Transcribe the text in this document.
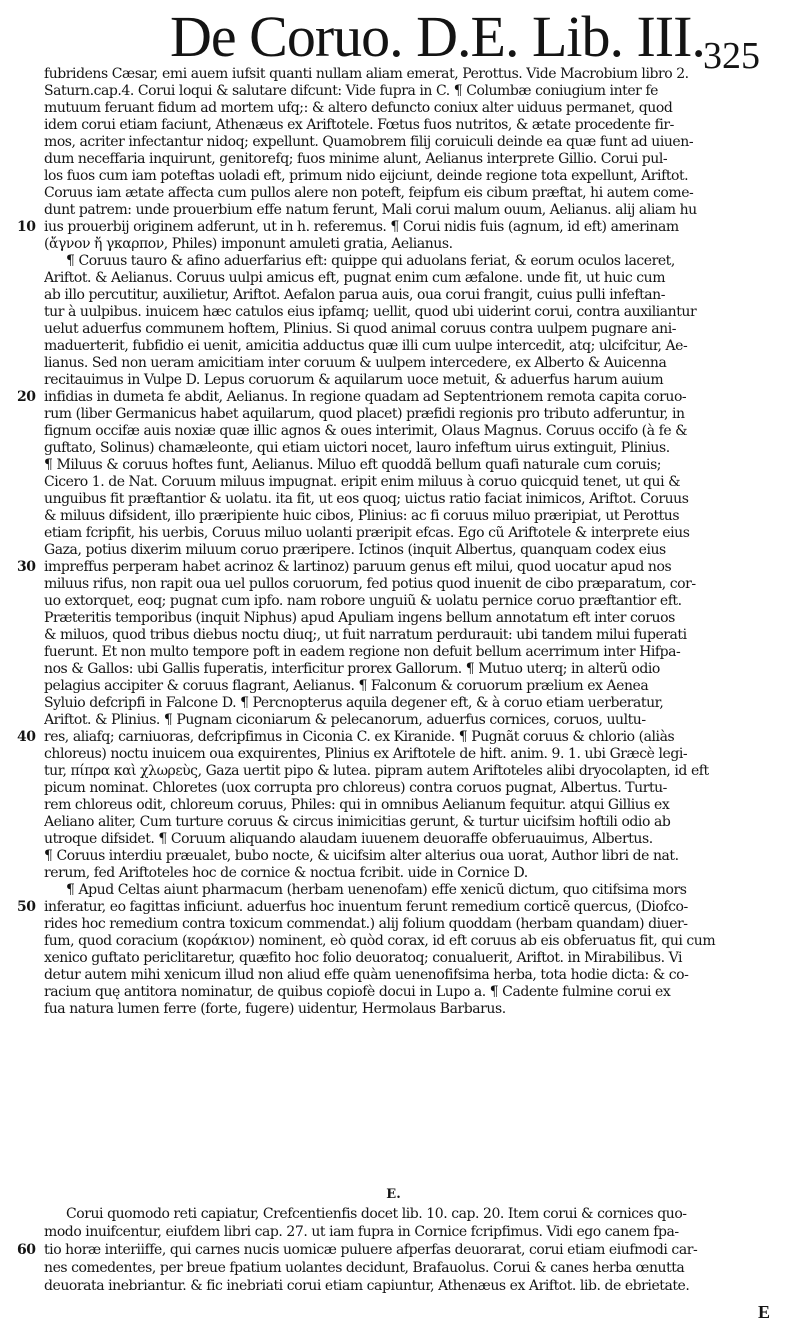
De Coruo. D.E. Lib. III.
325
fubridens Cæsar, emi auem iufsit quanti nullam aliam emerat, Perottus. Vide Macrobium libro 2.
Saturn.cap.4. Corui loqui & salutare difcunt: Vide fupra in C. ¶ Columbæ coniugium inter fe
mutuum feruant fidum ad mortem ufq;: & altero defuncto coniux alter uiduus permanet, quod
idem corui etiam faciunt, Athenæus ex Ariftotele. Fœtus fuos nutritos, & ætate procedente fir-
mos, acriter infectantur nidoq; expellunt. Quamobrem filij coruiculi deinde ea quæ funt ad uiuen-
dum neceffaria inquirunt, genitorefq; fuos minime alunt, Aelianus interprete Gillio. Corui pul-
los fuos cum iam poteftas uoladi eft, primum nido eijciunt, deinde regione tota expellunt, Ariftot.
Coruus iam ætate affecta cum pullos alere non poteft, feipfum eis cibum præftat, hi autem come-
dunt patrem: unde prouerbium effe natum ferunt, Mali corui malum ouum, Aelianus. alij aliam hu
10 ius prouerbij originem adferunt, ut in h. referemus. ¶ Corui nidis fuis (agnum, id eft) amerinam
(ἄγνον ἤ γκαρπον, Philes) imponunt amuleti gratia, Aelianus.
¶ Coruus tauro & afino aduerfarius eft: quippe qui aduolans feriat, & eorum oculos laceret,
Ariftot. & Aelianus. Coruus uulpi amicus eft, pugnat enim cum æfalone. unde fit, ut huic cum
ab illo percutitur, auxilietur, Ariftot. Aefalon parua auis, oua corui frangit, cuius pulli infeftan-
tur à uulpibus. inuicem hæc catulos eius ipfamq; uellit, quod ubi uiderint corui, contra auxiliantur
uelut aduerfus communem hoftem, Plinius. Si quod animal coruus contra uulpem pugnare ani-
maduerterit, fubfidio ei uenit, amicitia adductus quæ illi cum uulpe intercedit, atq; ulcifcitur, Ae-
lianus. Sed non ueram amicitiam inter coruum & uulpem intercedere, ex Alberto & Auicenna
recitauimus in Vulpe D. Lepus coruorum & aquilarum uoce metuit, & aduerfus harum auium
20 infidias in dumeta fe abdit, Aelianus. In regione quadam ad Septentrionem remota capita coruo-
rum (liber Germanicus habet aquilarum, quod placet) præfidi regionis pro tributo adferuntur, in
fignum occifæ auis noxiæ quæ illic agnos & oues interimit, Olaus Magnus. Coruus occifo (à fe &
guftato, Solinus) chamæleonte, qui etiam uictori nocet, lauro infeftum uirus extinguit, Plinius.
¶ Miluus & coruus hoftes funt, Aelianus. Miluo eft quoddã bellum quafi naturale cum coruis;
Cicero 1. de Nat. Coruum miluus impugnat. eripit enim miluus à coruo quicquid tenet, ut qui &
unguibus fit præftantior & uolatu. ita fit, ut eos quoq; uictus ratio faciat inimicos, Ariftot. Coruus
& miluus difsident, illo præripiente huic cibos, Plinius: ac fi coruus miluo præripiat, ut Perottus
etiam fcripfit, his uerbis, Coruus miluo uolanti præripit efcas. Ego cũ Ariftotele & interprete eius
Gaza, potius dixerim miluum coruo præripere. Ictinos (inquit Albertus, quanquam codex eius
30 impreffus perperam habet acrinoz & lartinoz) paruum genus eft milui, quod uocatur apud nos
miluus rifus, non rapit oua uel pullos coruorum, fed potius quod inuenit de cibo præparatum, cor-
uo extorquet, eoq; pugnat cum ipfo. nam robore unguiũ & uolatu pernice coruo præftantior eft.
Præteritis temporibus (inquit Niphus) apud Apuliam ingens bellum annotatum eft inter coruos
& miluos, quod tribus diebus noctu diuq;, ut fuit narratum perdurauit: ubi tandem milui fuperati
fuerunt. Et non multo tempore poft in eadem regione non defuit bellum acerrimum inter Hifpa-
nos & Gallos: ubi Gallis fuperatis, interficitur prorex Gallorum. ¶ Mutuo uterq; in alterũ odio
pelagius accipiter & coruus flagrant, Aelianus. ¶ Falconum & coruorum prælium ex Aenea
Syluio defcripfi in Falcone D. ¶ Percnopterus aquila degener eft, & à coruo etiam uerberatur,
Ariftot. & Plinius. ¶ Pugnam ciconiarum & pelecanorum, aduerfus cornices, coruos, uultu-
40 res, aliafq; carniuoras, defcripfimus in Ciconia C. ex Kiranide. ¶ Pugnãt coruus & chlorio (aliàs
chloreus) noctu inuicem oua exquirentes, Plinius ex Ariftotele de hift. anim. 9. 1. ubi Græcè legi-
tur, πίπρα καὶ χλωρεὺς, Gaza uertit pipo & lutea. pipram autem Ariftoteles alibi dryocolapten, id eft
picum nominat. Chloretes (uox corrupta pro chloreus) contra coruos pugnat, Albertus. Turtu-
rem chloreus odit, chloreum coruus, Philes: qui in omnibus Aelianum fequitur. atqui Gillius ex
Aeliano aliter, Cum turture coruus & circus inimicitias gerunt, & turtur uicifsim hoftili odio ab
utroque difsidet. ¶ Coruum aliquando alaudam iuuenem deuoraffe obferuauimus, Albertus.
¶ Coruus interdiu præualet, bubo nocte, & uicifsim alter alterius oua uorat, Author libri de nat.
rerum, fed Ariftoteles hoc de cornice & noctua fcribit. uide in Cornice D.
¶ Apud Celtas aiunt pharmacum (herbam uenenofam) effe xenicũ dictum, quo citifsima mors
50 inferatur, eo fagittas inficiunt. aduerfus hoc inuentum ferunt remedium corticẽ quercus, (Diofco-
rides hoc remedium contra toxicum commendat.) alij folium quoddam (herbam quandam) diuer-
fum, quod coracium (κοράκιον) nominent, eò quòd corax, id eft coruus ab eis obferuatus fit, qui cum
xenico guftato periclitaretur, quæfito hoc folio deuoratoq; conualuerit, Ariftot. in Mirabilibus. Vi
detur autem mihi xenicum illud non aliud effe quàm uenenofifsima herba, tota hodie dicta: & co-
racium quę antitora nominatur, de quibus copiofè docui in Lupo a. ¶ Cadente fulmine corui ex
fua natura lumen ferre (forte, fugere) uidentur, Hermolaus Barbarus.
E.
Corui quomodo reti capiatur, Crefcentienfis docet lib. 10. cap. 20. Item corui & cornices quo-
modo inuifcentur, eiufdem libri cap. 27. ut iam fupra in Cornice fcripfimus. Vidi ego canem fpa-
60 tio horæ interiiffe, qui carnes nucis uomicæ puluere afperfas deuorarat, corui etiam eiufmodi car-
nes comedentes, per breue fpatium uolantes decidunt, Brafauolus. Corui & canes herba œnutta
deuorata inebriantur. & fic inebriati corui etiam capiuntur, Athenæus ex Ariftot. lib. de ebrietate.
E
